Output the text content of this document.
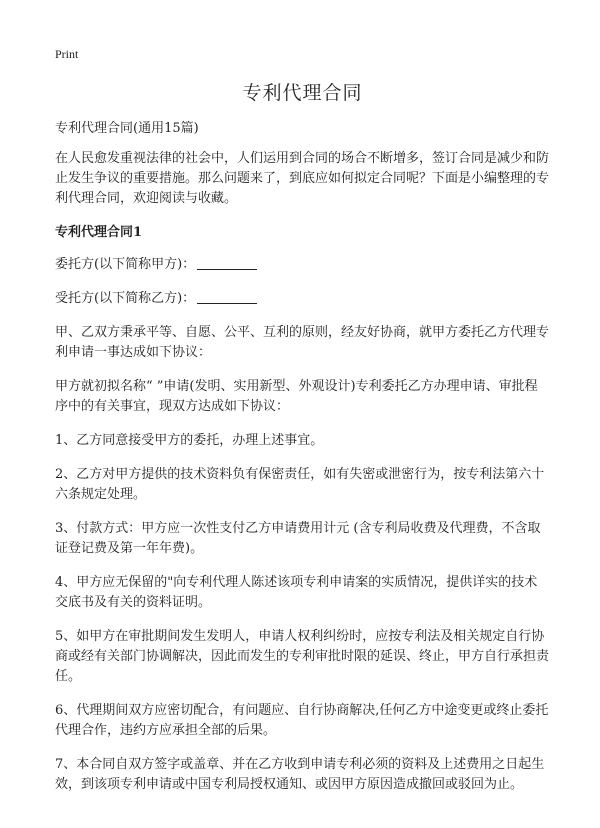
Print
专利代理合同

专利代理合同(通用15篇)

在人民愈发重视法律的社会中，人们运用到合同的场合不断增多，签订合同是减少和防止发生争议的重要措施。那么问题来了，到底应如何拟定合同呢？下面是小编整理的专利代理合同，欢迎阅读与收藏。

专利代理合同1

委托方(以下简称甲方)：

受托方(以下简称乙方)：

甲、乙双方秉承平等、自愿、公平、互利的原则，经友好协商，就甲方委托乙方代理专利申请一事达成如下协议：

甲方就初拟名称“ ”申请(发明、实用新型、外观设计)专利委托乙方办理申请、审批程序中的有关事宜，现双方达成如下协议：

1、乙方同意接受甲方的委托，办理上述事宜。

2、乙方对甲方提供的技术资料负有保密责任，如有失密或泄密行为，按专利法第六十六条规定处理。

3、付款方式：甲方应一次性支付乙方申请费用计元 (含专利局收费及代理费，不含取证登记费及第一年年费)。

4、甲方应无保留的"向专利代理人陈述该项专利申请案的实质情况，提供详实的技术交底书及有关的资料证明。

5、如甲方在审批期间发生发明人，申请人权利纠纷时，应按专利法及相关规定自行协商或经有关部门协调解决，因此而发生的专利审批时限的延误、终止，甲方自行承担责任。

6、代理期间双方应密切配合，有问题应、自行协商解决,任何乙方中途变更或终止委托代理合作，违约方应承担全部的后果。

7、本合同自双方签字或盖章、并在乙方收到申请专利必须的资料及上述费用之日起生效，到该项专利申请或中国专利局授权通知、或因甲方原因造成撤回或驳回为止。
